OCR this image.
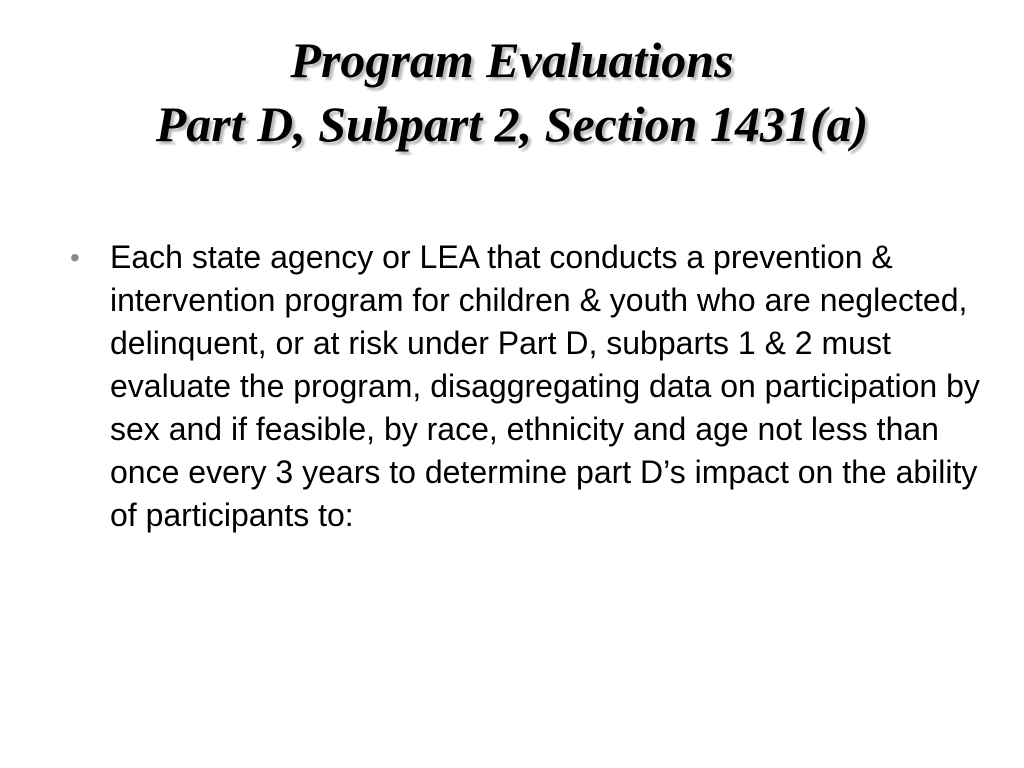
Program Evaluations
Part D, Subpart 2, Section 1431(a)
• Each state agency or LEA that conducts a prevention & intervention program for children & youth who are neglected, delinquent, or at risk under Part D, subparts 1 & 2 must evaluate the program, disaggregating data on participation by sex and if feasible, by race, ethnicity and age not less than once every 3 years to determine part D’s impact on the ability of participants to:
